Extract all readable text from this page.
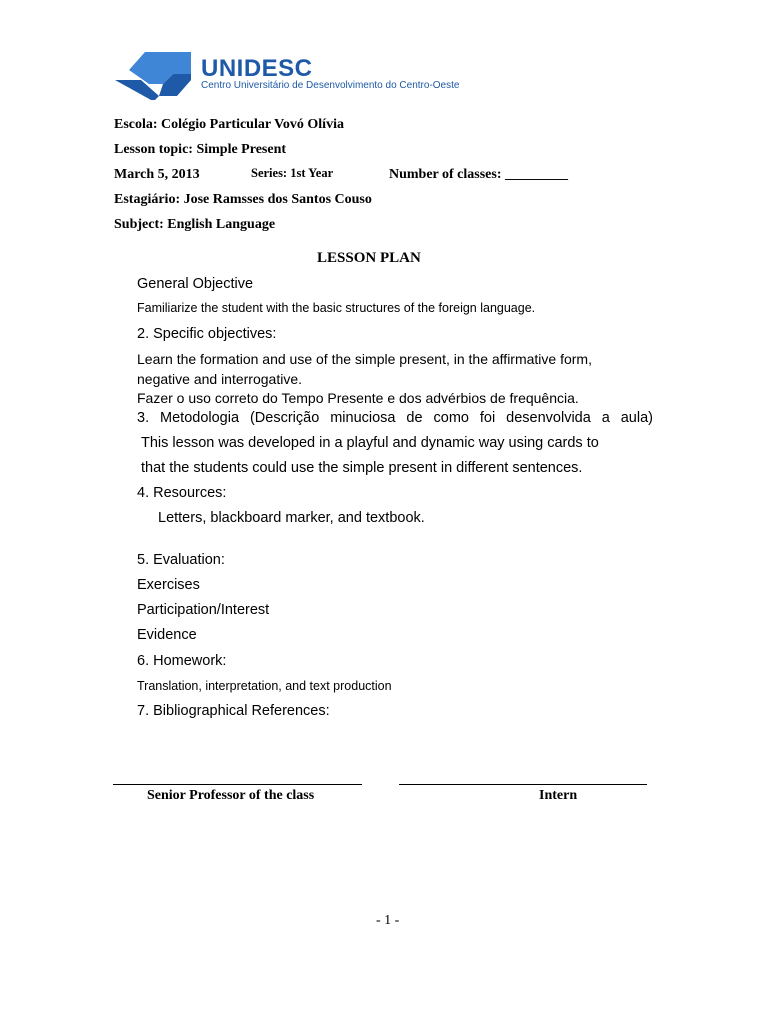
UNIDESC
Centro Universitário de Desenvolvimento do Centro-Oeste
Escola: Colégio Particular Vovó Olívia
Lesson topic: Simple Present
March 5, 2013	Series: 1st Year	Number of classes: _________
Estagiário: Jose Ramsses dos Santos Couso
Subject: English Language
LESSON PLAN
General Objective
Familiarize the student with the basic structures of the foreign language.
2. Specific objectives:
Learn the formation and use of the simple present, in the affirmative form,
negative and interrogative.
Fazer o uso correto do Tempo Presente e dos advérbios de frequência.
3. Metodologia (Descrição minuciosa de como foi desenvolvida a aula)
This lesson was developed in a playful and dynamic way using cards to
that the students could use the simple present in different sentences.
4. Resources:
Letters, blackboard marker, and textbook.
5. Evaluation:
Exercises
Participation/Interest
Evidence
6. Homework:
Translation, interpretation, and text production
7. Bibliographical References:
Senior Professor of the class	Intern
- 1 -
